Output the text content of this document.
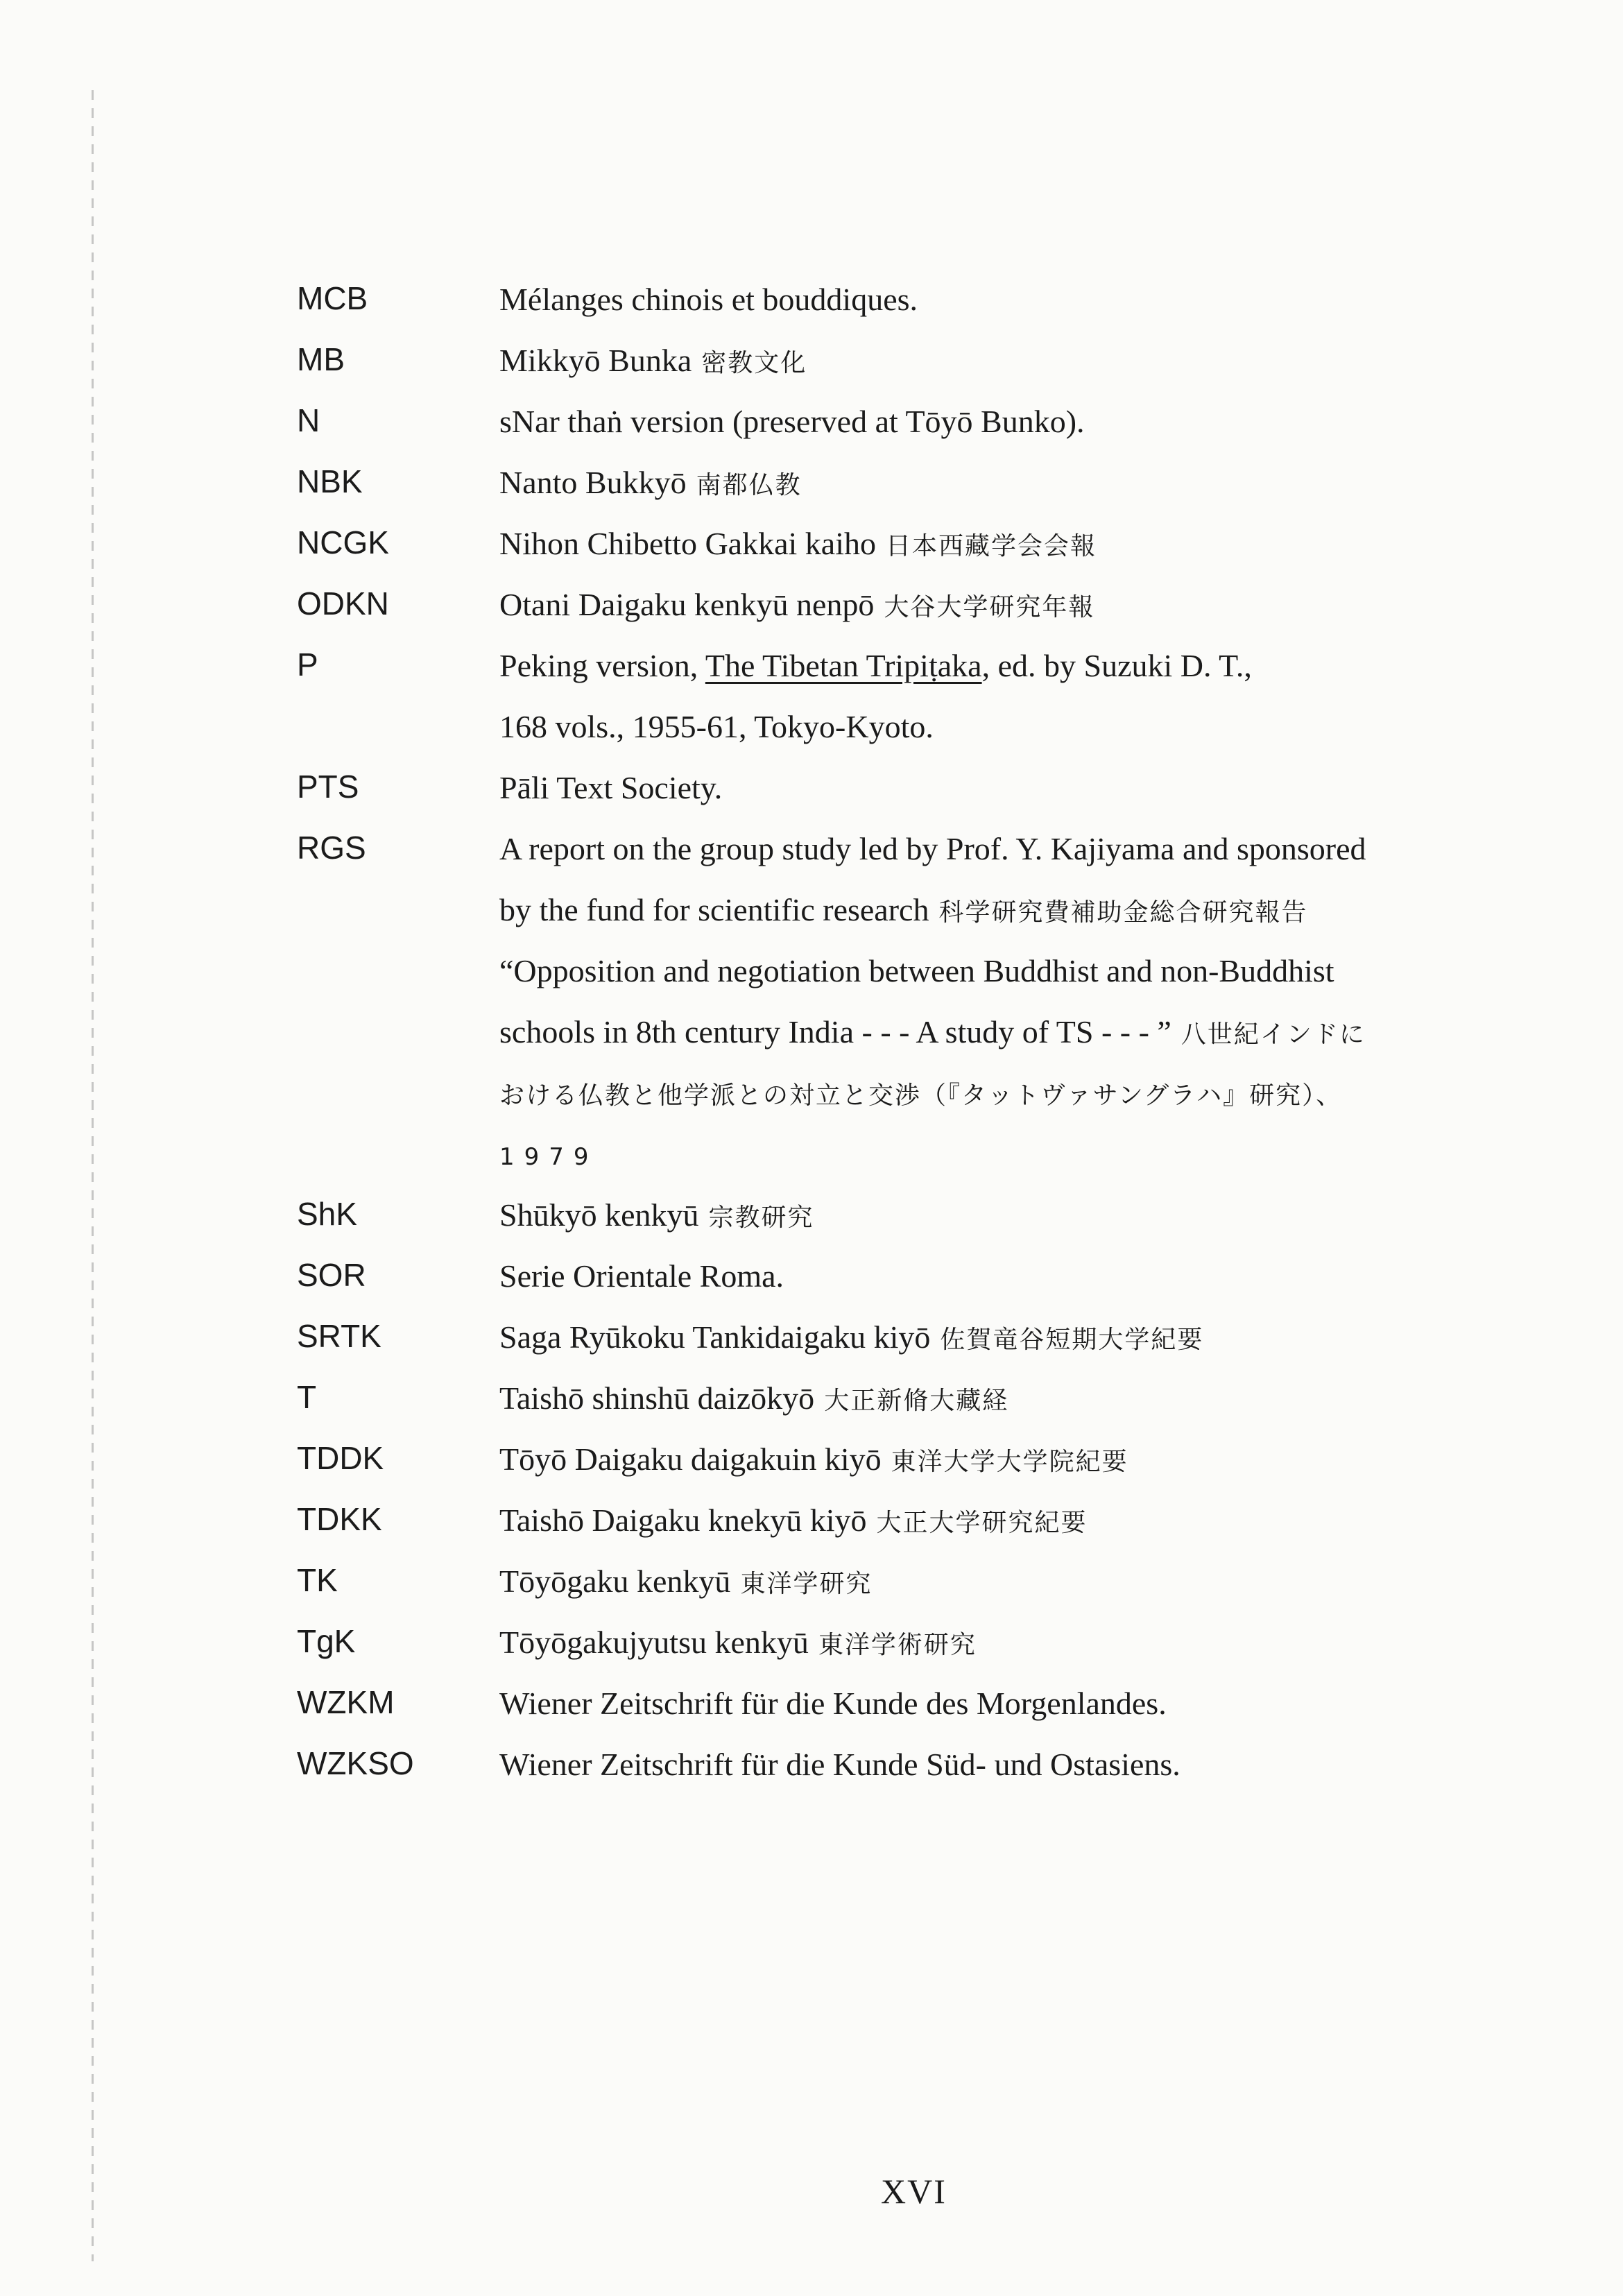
MCB	Mélanges chinois et bouddiques.
MB	Mikkyō Bunka 密教文化
N	sNar thaṅ version (preserved at Tōyō Bunko).
NBK	Nanto Bukkyō 南都仏教
NCGK	Nihon Chibetto Gakkai kaiho 日本西藏学会会報
ODKN	Otani Daigaku kenkyū nenpō 大谷大学研究年報
P	Peking version, The Tibetan Tripiṭaka, ed. by Suzuki D. T.,
168 vols., 1955-61, Tokyo-Kyoto.
PTS	Pāli Text Society.
RGS	A report on the group study led by Prof. Y. Kajiyama and sponsored
by the fund for scientific research 科学研究費補助金総合研究報告
“Opposition and negotiation between Buddhist and non-Buddhist
schools in 8th century India - - - A study of TS - - - ” 八世紀インドに
おける仏教と他学派との対立と交渉（『タットヴァサングラハ』研究）、
1979
ShK	Shūkyō kenkyū 宗教研究
SOR	Serie Orientale Roma.
SRTK	Saga Ryūkoku Tankidaigaku kiyō 佐賀竜谷短期大学紀要
T	Taishō shinshū daizōkyō 大正新脩大藏経
TDDK	Tōyō Daigaku daigakuin kiyō 東洋大学大学院紀要
TDKK	Taishō Daigaku knekyū kiyō 大正大学研究紀要
TK	Tōyōgaku kenkyū 東洋学研究
TgK	Tōyōgakujyutsu kenkyū 東洋学術研究
WZKM	Wiener Zeitschrift für die Kunde des Morgenlandes.
WZKSO	Wiener Zeitschrift für die Kunde Süd- und Ostasiens.
XVI
